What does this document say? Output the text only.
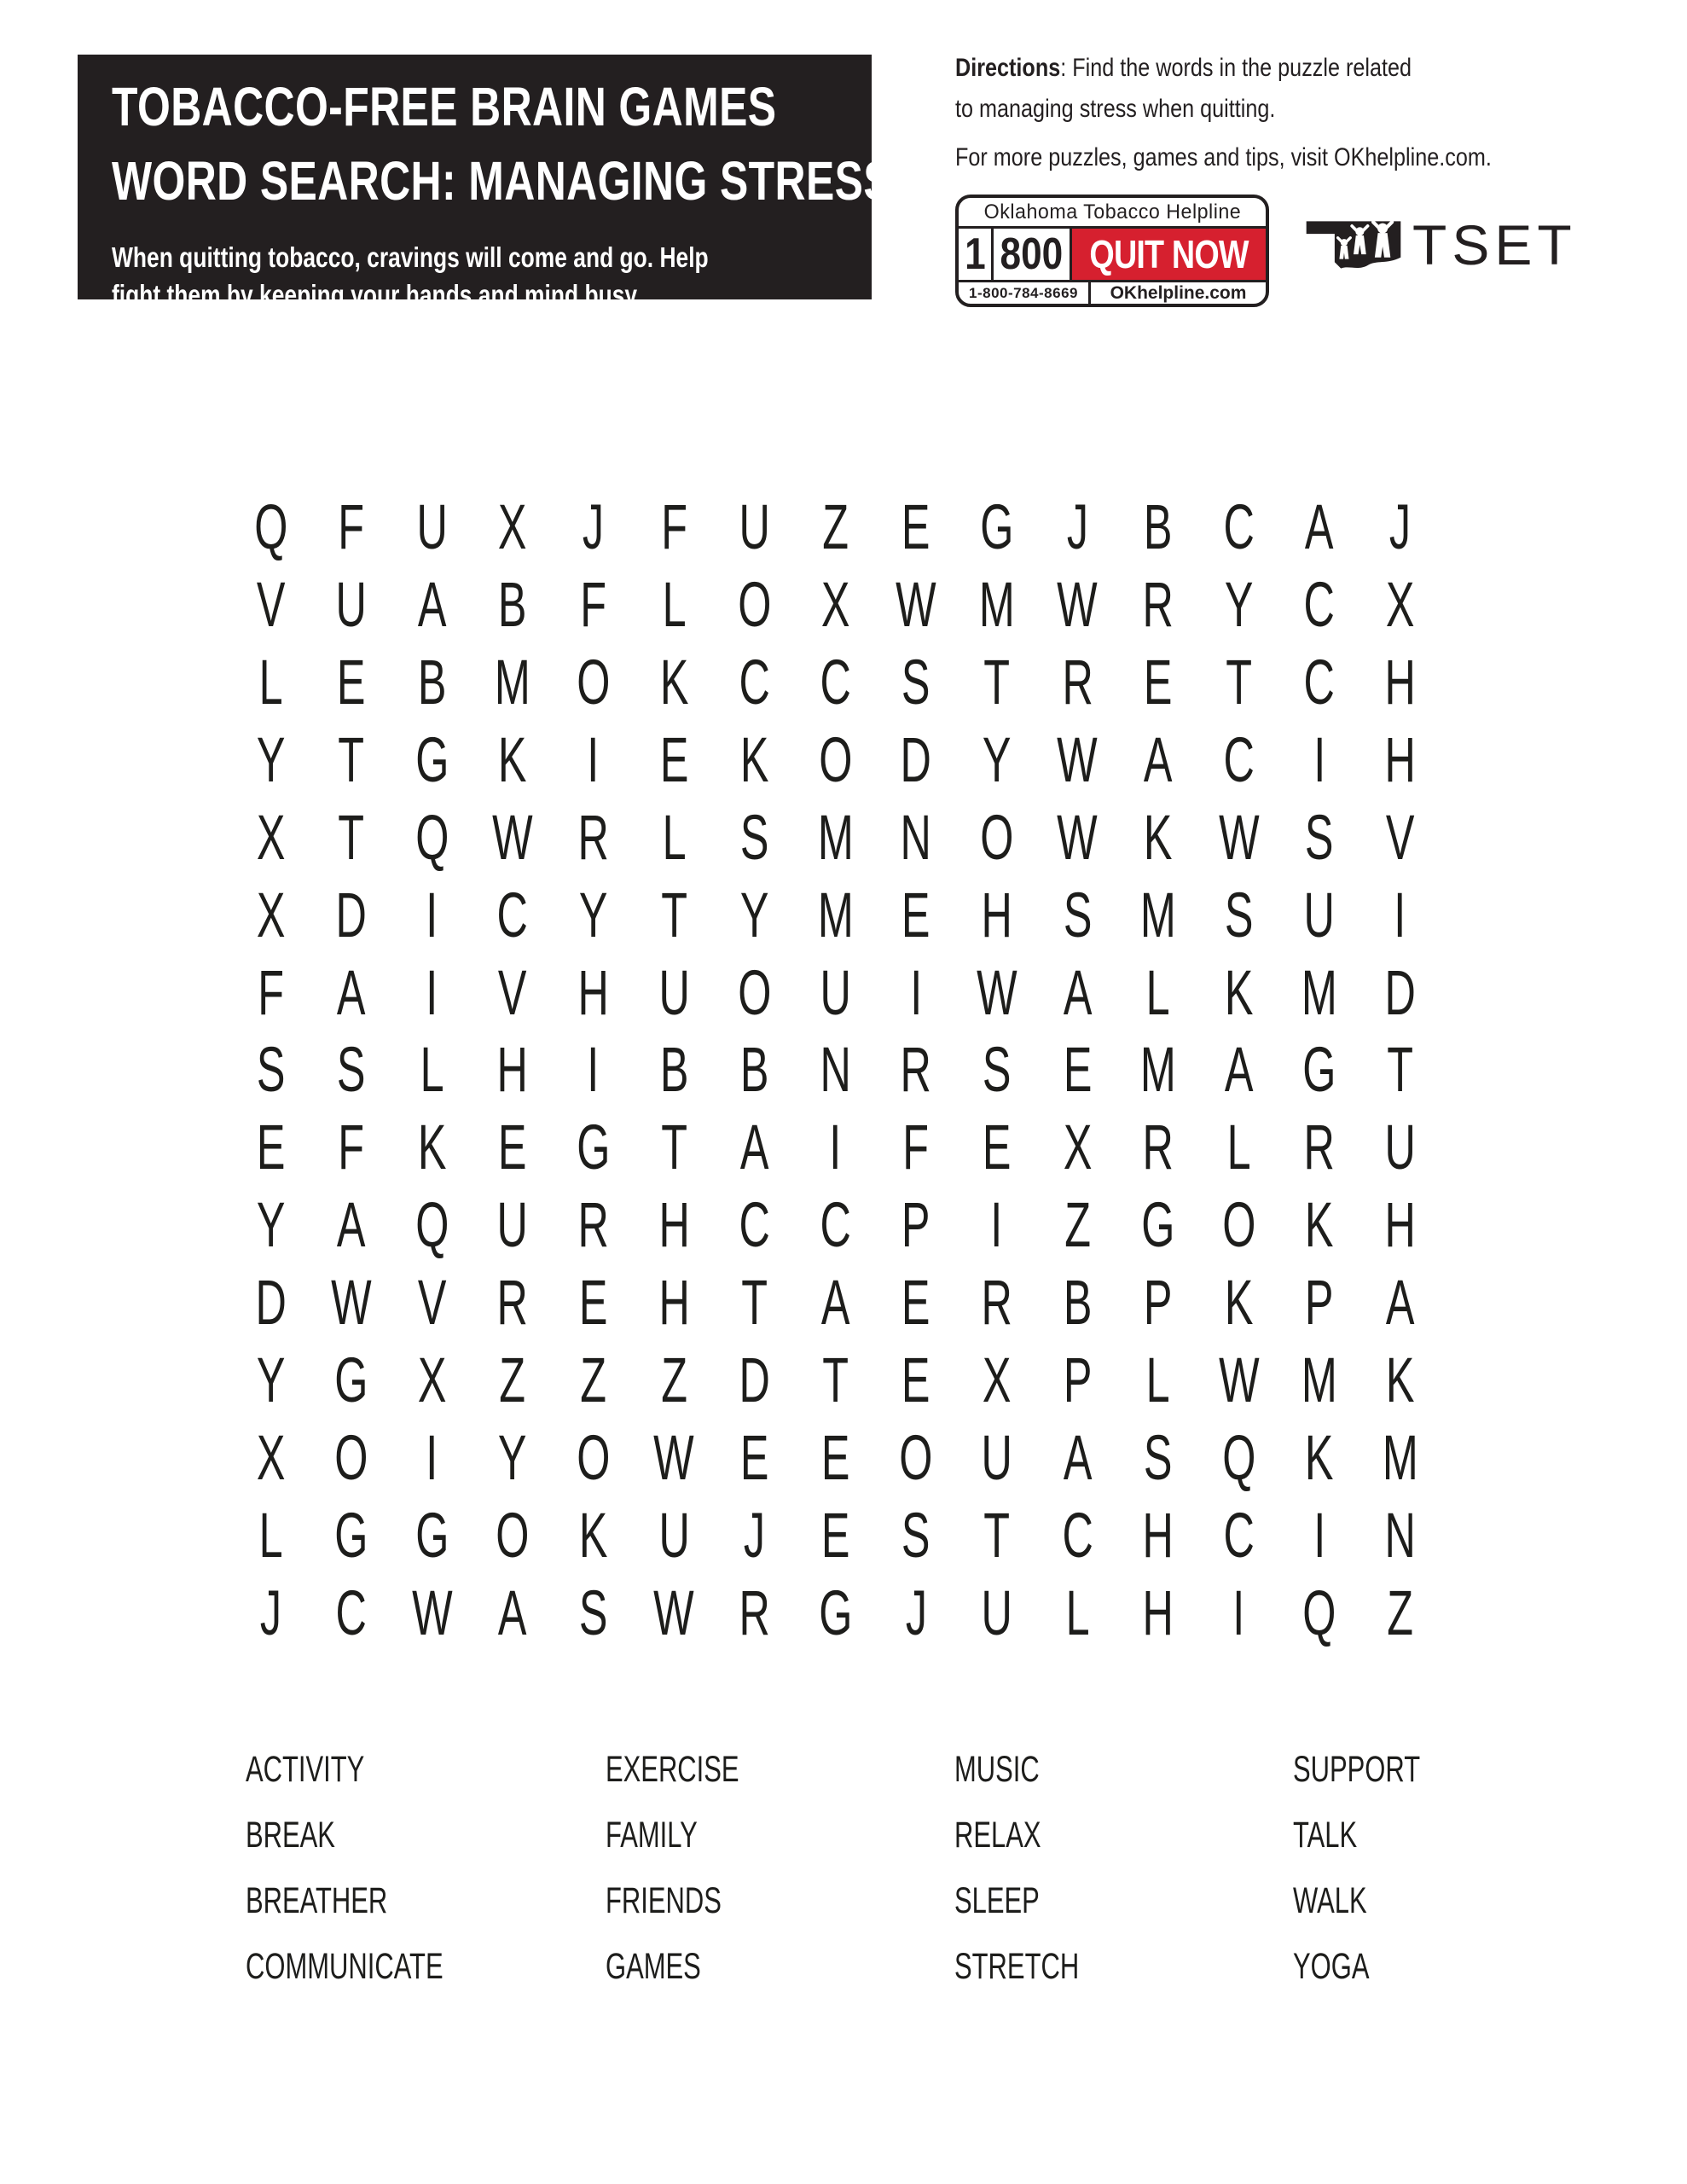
TOBACCO-FREE BRAIN GAMES
WORD SEARCH: MANAGING STRESS
When quitting tobacco, cravings will come and go. Help
fight them by keeping your hands and mind busy.
Directions: Find the words in the puzzle related
to managing stress when quitting.
For more puzzles, games and tips, visit OKhelpline.com.
Oklahoma Tobacco Helpline
1 800 QUIT NOW
1-800-784-8669	OKhelpline.com
TSET
Q F U X J F U Z E G J B C A J
V U A B F L O X W M W R Y C X
L E B M O K C C S T R E T C H
Y T G K I E K O D Y W A C I H
X T Q W R L S M N O W K W S V
X D I C Y T Y M E H S M S U I
F A I V H U O U I W A L K M D
S S L H I B B N R S E M A G T
E F K E G T A I F E X R L R U
Y A Q U R H C C P I Z G O K H
D W V R E H T A E R B P K P A
Y G X Z Z Z D T E X P L W M K
X O I Y O W E E O U A S Q K M
L G G O K U J E S T C H C I N
J C W A S W R G J U L H I Q Z
ACTIVITY
BREAK
BREATHER
COMMUNICATE
EXERCISE
FAMILY
FRIENDS
GAMES
MUSIC
RELAX
SLEEP
STRETCH
SUPPORT
TALK
WALK
YOGA
